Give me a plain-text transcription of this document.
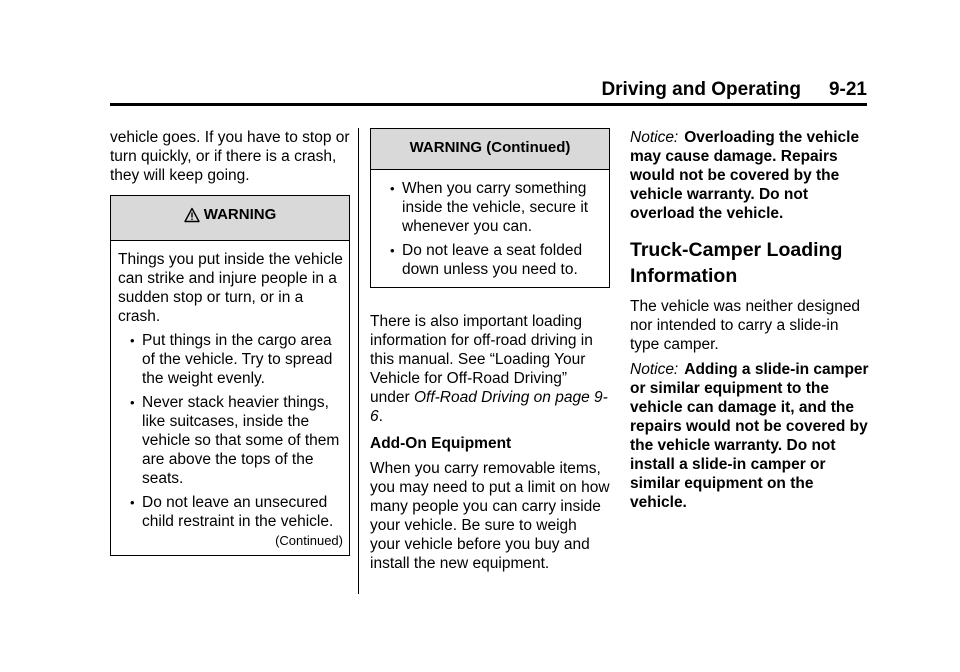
Driving and Operating 9-21

vehicle goes. If you have to stop or turn quickly, or if there is a crash, they will keep going.

WARNING
Things you put inside the vehicle can strike and injure people in a sudden stop or turn, or in a crash.
• Put things in the cargo area of the vehicle. Try to spread the weight evenly.
• Never stack heavier things, like suitcases, inside the vehicle so that some of them are above the tops of the seats.
• Do not leave an unsecured child restraint in the vehicle.
(Continued)
WARNING (Continued)
• When you carry something inside the vehicle, secure it whenever you can.
• Do not leave a seat folded down unless you need to.

There is also important loading information for off-road driving in this manual. See “Loading Your Vehicle for Off-Road Driving” under Off-Road Driving on page 9-6.

Add-On Equipment

When you carry removable items, you may need to put a limit on how many people you can carry inside your vehicle. Be sure to weigh your vehicle before you buy and install the new equipment.

Notice: Overloading the vehicle may cause damage. Repairs would not be covered by the vehicle warranty. Do not overload the vehicle.

Truck-Camper Loading Information

The vehicle was neither designed nor intended to carry a slide-in type camper.

Notice: Adding a slide-in camper or similar equipment to the vehicle can damage it, and the repairs would not be covered by the vehicle warranty. Do not install a slide-in camper or similar equipment on the vehicle.
